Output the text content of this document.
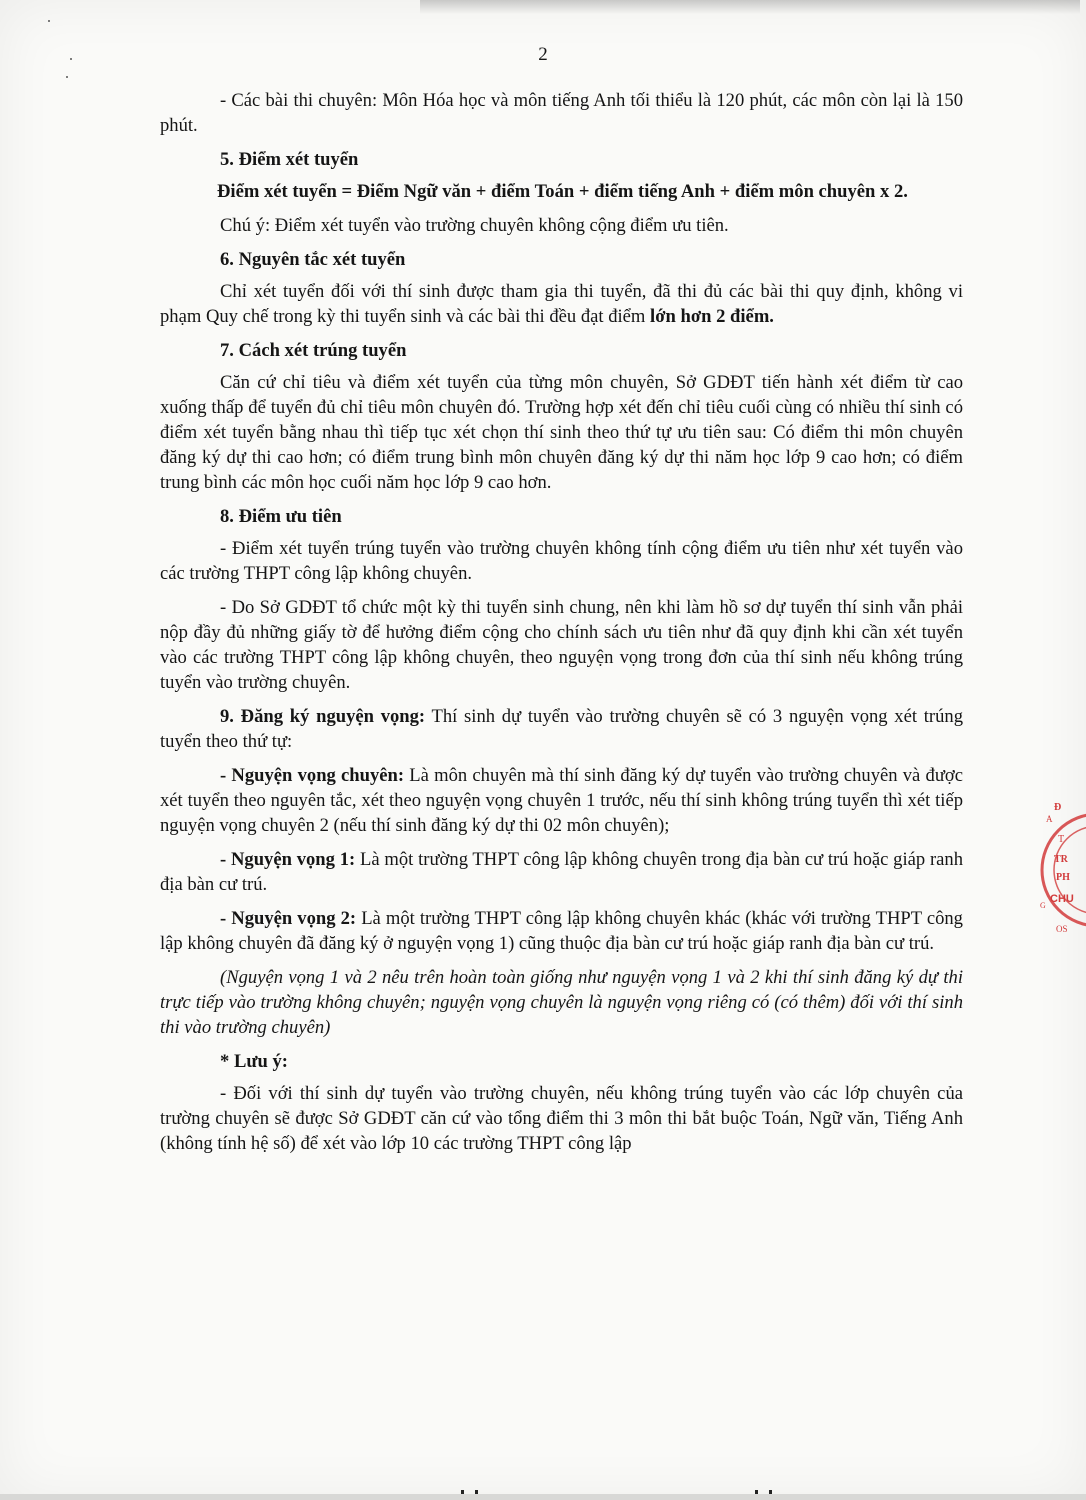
2

- Các bài thi chuyên: Môn Hóa học và môn tiếng Anh tối thiểu là 120 phút, các môn còn lại là 150 phút.

5. Điểm xét tuyển

Điểm xét tuyển = Điểm Ngữ văn + điểm Toán + điểm tiếng Anh + điểm môn chuyên x 2.

Chú ý: Điểm xét tuyển vào trường chuyên không cộng điểm ưu tiên.

6. Nguyên tắc xét tuyển

Chỉ xét tuyển đối với thí sinh được tham gia thi tuyển, đã thi đủ các bài thi quy định, không vi phạm Quy chế trong kỳ thi tuyển sinh và các bài thi đều đạt điểm lớn hơn 2 điểm.

7. Cách xét trúng tuyển

Căn cứ chỉ tiêu và điểm xét tuyển của từng môn chuyên, Sở GDĐT tiến hành xét điểm từ cao xuống thấp để tuyển đủ chỉ tiêu môn chuyên đó. Trường hợp xét đến chỉ tiêu cuối cùng có nhiều thí sinh có điểm xét tuyển bằng nhau thì tiếp tục xét chọn thí sinh theo thứ tự ưu tiên sau: Có điểm thi môn chuyên đăng ký dự thi cao hơn; có điểm trung bình môn chuyên đăng ký dự thi năm học lớp 9 cao hơn; có điểm trung bình các môn học cuối năm học lớp 9 cao hơn.

8. Điểm ưu tiên

- Điểm xét tuyển trúng tuyển vào trường chuyên không tính cộng điểm ưu tiên như xét tuyển vào các trường THPT công lập không chuyên.

- Do Sở GDĐT tổ chức một kỳ thi tuyển sinh chung, nên khi làm hồ sơ dự tuyển thí sinh vẫn phải nộp đầy đủ những giấy tờ để hưởng điểm cộng cho chính sách ưu tiên như đã quy định khi cần xét tuyển vào các trường THPT công lập không chuyên, theo nguyện vọng trong đơn của thí sinh nếu không trúng tuyển vào trường chuyên.

9. Đăng ký nguyện vọng: Thí sinh dự tuyển vào trường chuyên sẽ có 3 nguyện vọng xét trúng tuyển theo thứ tự:

- Nguyện vọng chuyên: Là môn chuyên mà thí sinh đăng ký dự tuyển vào trường chuyên và được xét tuyển theo nguyên tắc, xét theo nguyện vọng chuyên 1 trước, nếu thí sinh không trúng tuyển thì xét tiếp nguyện vọng chuyên 2 (nếu thí sinh đăng ký dự thi 02 môn chuyên);

- Nguyện vọng 1: Là một trường THPT công lập không chuyên trong địa bàn cư trú hoặc giáp ranh địa bàn cư trú.

- Nguyện vọng 2: Là một trường THPT công lập không chuyên khác (khác với trường THPT công lập không chuyên đã đăng ký ở nguyện vọng 1) cũng thuộc địa bàn cư trú hoặc giáp ranh địa bàn cư trú.

(Nguyện vọng 1 và 2 nêu trên hoàn toàn giống như nguyện vọng 1 và 2 khi thí sinh đăng ký dự thi trực tiếp vào trường không chuyên; nguyện vọng chuyên là nguyện vọng riêng có (có thêm) đối với thí sinh thi vào trường chuyên)

* Lưu ý:

- Đối với thí sinh dự tuyển vào trường chuyên, nếu không trúng tuyển vào các lớp chuyên của trường chuyên sẽ được Sở GDĐT căn cứ vào tổng điểm thi 3 môn thi bắt buộc Toán, Ngữ văn, Tiếng Anh (không tính hệ số) để xét vào lớp 10 các trường THPT công lập

Đ
A
T
TR
PH
CHU
G
OS
